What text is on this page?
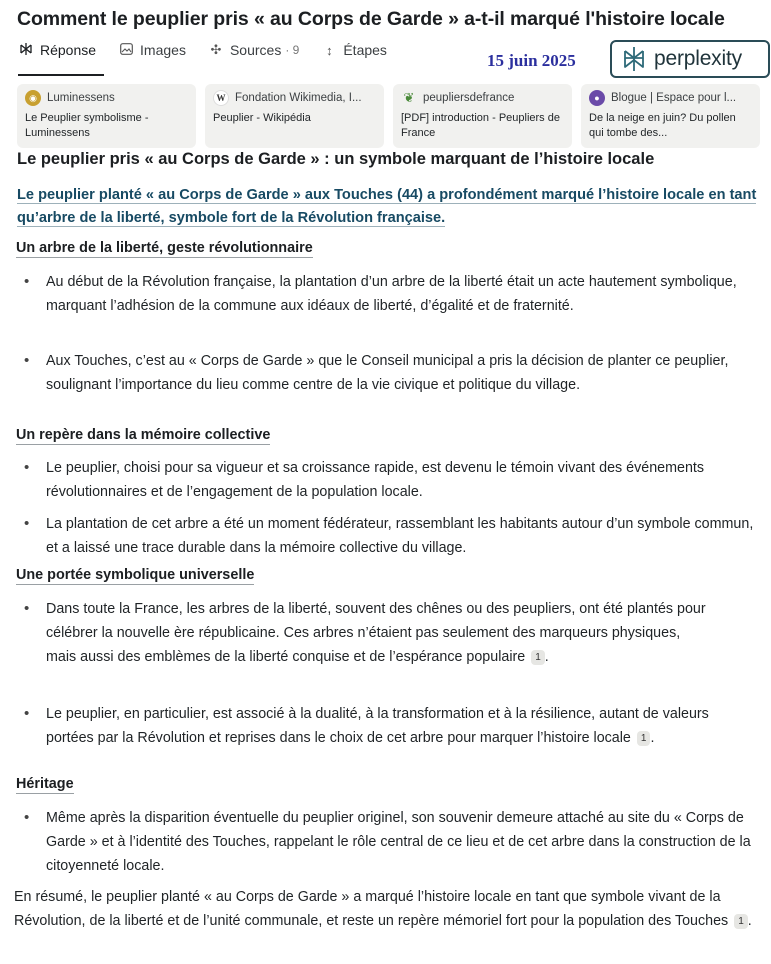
Comment le peuplier pris « au Corps de Garde » a-t-il marqué l'histoire locale
Réponse	Images ✣ Sources · 9	↕ Étapes
15 juin 2025	perplexity
◉ Luminessens
Le Peuplier symbolisme - Luminessens
W Fondation Wikimedia, I...
Peuplier - Wikipédia
❦ peupliersdefrance
[PDF] introduction - Peupliers de France
● Blogue | Espace pour l...
De la neige en juin? Du pollen qui tombe des...
Le peuplier pris « au Corps de Garde » : un symbole marquant de l’histoire locale
Le peuplier planté « au Corps de Garde » aux Touches (44) a profondément marqué l’histoire locale en tant qu’arbre de la liberté, symbole fort de la Révolution française.
Un arbre de la liberté, geste révolutionnaire
• Au début de la Révolution française, la plantation d’un arbre de la liberté était un acte hautement symbolique, marquant l’adhésion de la commune aux idéaux de liberté, d’égalité et de fraternité.
• Aux Touches, c’est au « Corps de Garde » que le Conseil municipal a pris la décision de planter ce peuplier, soulignant l’importance du lieu comme centre de la vie civique et politique du village.
Un repère dans la mémoire collective
• Le peuplier, choisi pour sa vigueur et sa croissance rapide, est devenu le témoin vivant des événements révolutionnaires et de l’engagement de la population locale.
• La plantation de cet arbre a été un moment fédérateur, rassemblant les habitants autour d’un symbole commun, et a laissé une trace durable dans la mémoire collective du village.
Une portée symbolique universelle
• Dans toute la France, les arbres de la liberté, souvent des chênes ou des peupliers, ont été plantés pour célébrer la nouvelle ère républicaine. Ces arbres n’étaient pas seulement des marqueurs physiques, mais aussi des emblèmes de la liberté conquise et de l’espérance populaire 1 .
• Le peuplier, en particulier, est associé à la dualité, à la transformation et à la résilience, autant de valeurs portées par la Révolution et reprises dans le choix de cet arbre pour marquer l’histoire locale 1 .
Héritage
• Même après la disparition éventuelle du peuplier originel, son souvenir demeure attaché au site du « Corps de Garde » et à l’identité des Touches, rappelant le rôle central de ce lieu et de cet arbre dans la construction de la citoyenneté locale.
En résumé, le peuplier planté « au Corps de Garde » a marqué l’histoire locale en tant que symbole vivant de la Révolution, de la liberté et de l’unité communale, et reste un repère mémoriel fort pour la population des Touches 1 .
